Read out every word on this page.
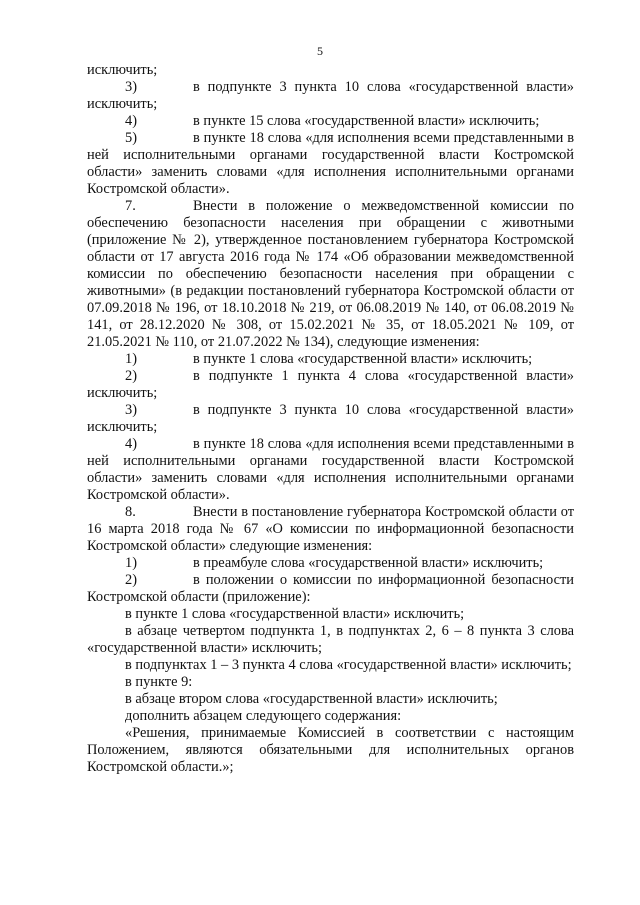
5

исключить;

3)	в подпункте 3 пункта 10 слова «государственной власти» исключить;

4)	в пункте 15 слова «государственной власти» исключить;

5)	в пункте 18 слова «для исполнения всеми представленными в ней исполнительными органами государственной власти Костромской области» заменить словами «для исполнения исполнительными органами Костромской области».

7.	Внести в положение о межведомственной комиссии по обеспечению безопасности населения при обращении с животными (приложение № 2), утвержденное постановлением губернатора Костромской области от 17 августа 2016 года № 174 «Об образовании межведомственной комиссии по обеспечению безопасности населения при обращении с животными» (в редакции постановлений губернатора Костромской области от 07.09.2018 № 196, от 18.10.2018 № 219, от 06.08.2019 № 140, от 06.08.2019 № 141, от 28.12.2020 № 308, от 15.02.2021 № 35, от 18.05.2021 № 109, от 21.05.2021 № 110, от 21.07.2022 № 134), следующие изменения:

1)	в пункте 1 слова «государственной власти» исключить;

2)	в подпункте 1 пункта 4 слова «государственной власти» исключить;

3)	в подпункте 3 пункта 10 слова «государственной власти» исключить;

4)	в пункте 18 слова «для исполнения всеми представленными в ней исполнительными органами государственной власти Костромской области» заменить словами «для исполнения исполнительными органами Костромской области».

8.	Внести в постановление губернатора Костромской области от 16 марта 2018 года № 67 «О комиссии по информационной безопасности Костромской области» следующие изменения:

1)	в преамбуле слова «государственной власти» исключить;

2)	в положении о комиссии по информационной безопасности Костромской области (приложение):

в пункте 1 слова «государственной власти» исключить;

в абзаце четвертом подпункта 1, в подпунктах 2, 6 – 8 пункта 3 слова «государственной власти» исключить;

в подпунктах 1 – 3 пункта 4 слова «государственной власти» исключить;

в пункте 9:

в абзаце втором слова «государственной власти» исключить;

дополнить абзацем следующего содержания:

«Решения, принимаемые Комиссией в соответствии с настоящим Положением, являются обязательными для исполнительных органов Костромской области.»;
